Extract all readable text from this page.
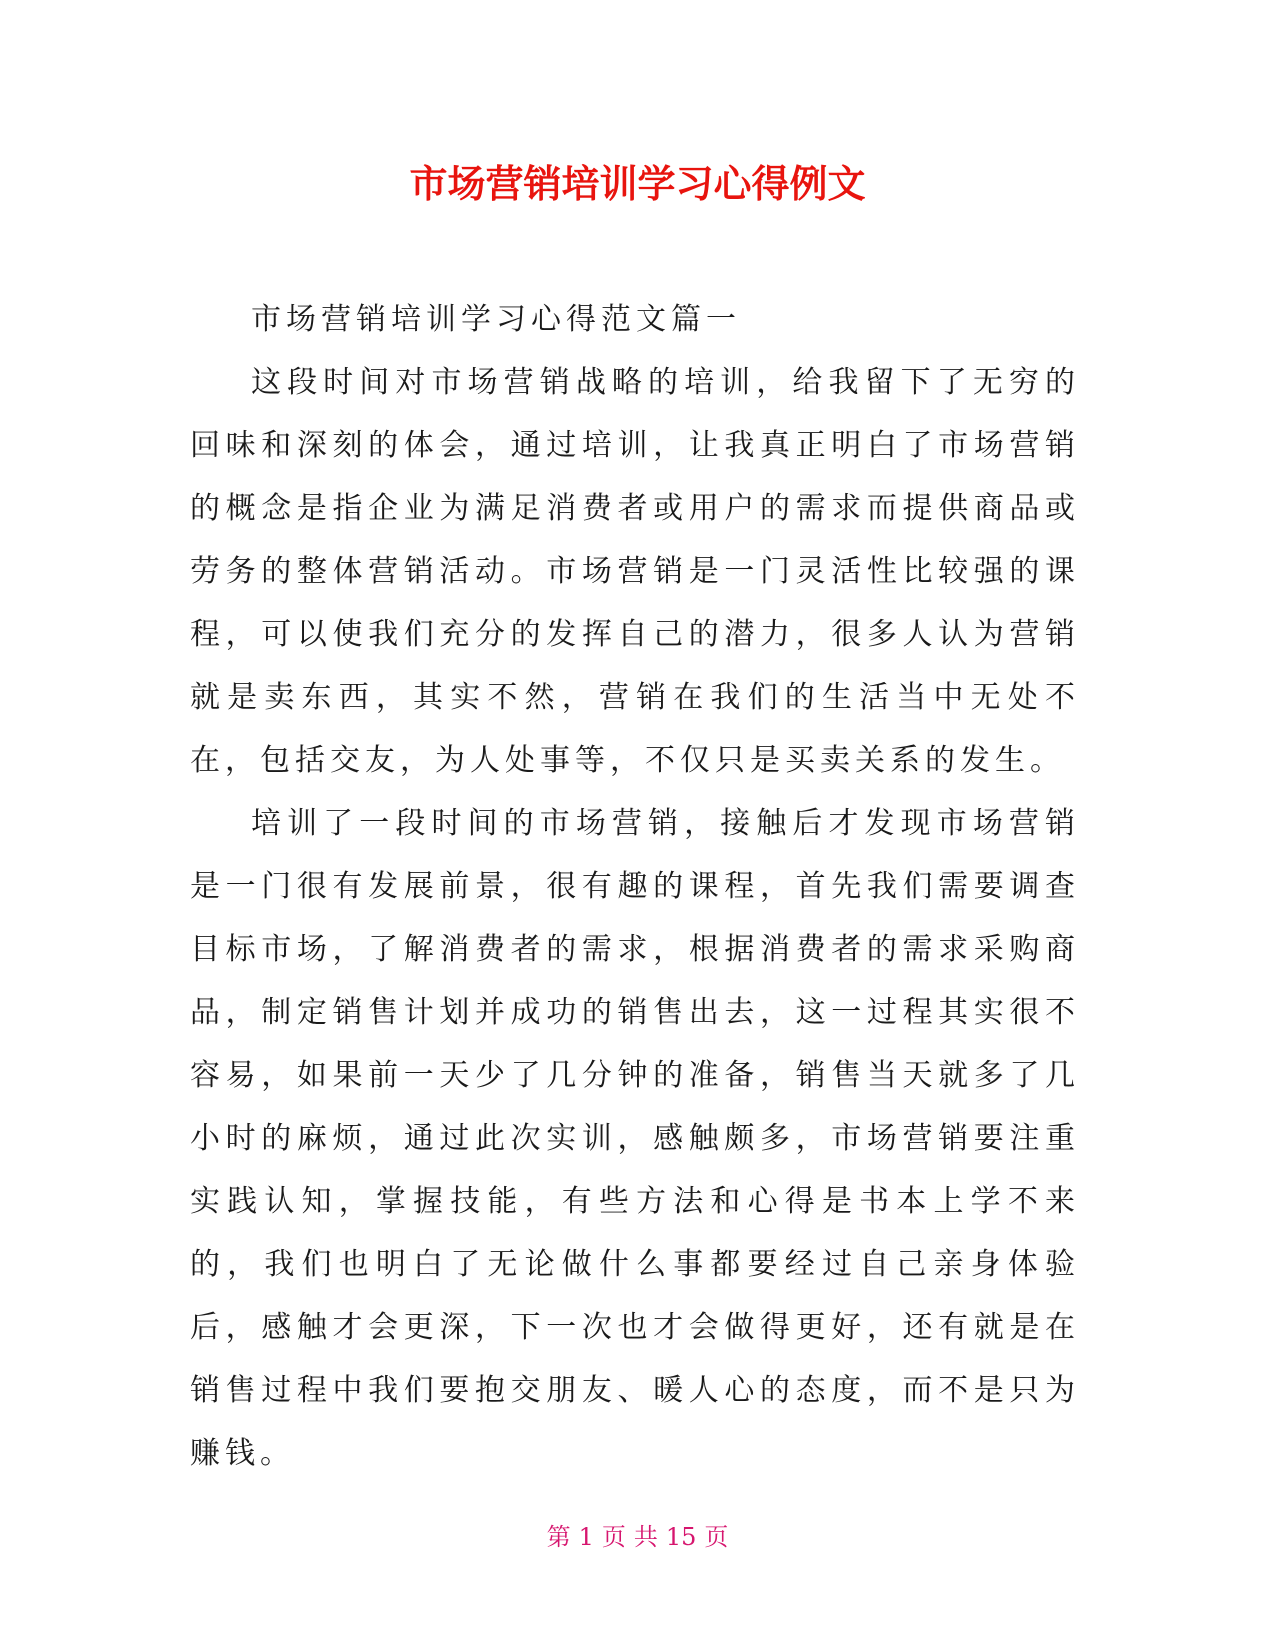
市场营销培训学习心得例文

市场营销培训学习心得范文篇一

这段时间对市场营销战略的培训，给我留下了无穷的回味和深刻的体会，通过培训，让我真正明白了市场营销的概念是指企业为满足消费者或用户的需求而提供商品或劳务的整体营销活动。市场营销是一门灵活性比较强的课程，可以使我们充分的发挥自己的潜力，很多人认为营销就是卖东西，其实不然，营销在我们的生活当中无处不在，包括交友，为人处事等，不仅只是买卖关系的发生。

培训了一段时间的市场营销，接触后才发现市场营销是一门很有发展前景，很有趣的课程，首先我们需要调查目标市场，了解消费者的需求，根据消费者的需求采购商品，制定销售计划并成功的销售出去，这一过程其实很不容易，如果前一天少了几分钟的准备，销售当天就多了几小时的麻烦，通过此次实训，感触颇多，市场营销要注重实践认知，掌握技能，有些方法和心得是书本上学不来的，我们也明白了无论做什么事都要经过自己亲身体验后，感触才会更深，下一次也才会做得更好，还有就是在销售过程中我们要抱交朋友、暖人心的态度，而不是只为赚钱。

第 1 页 共 15 页
